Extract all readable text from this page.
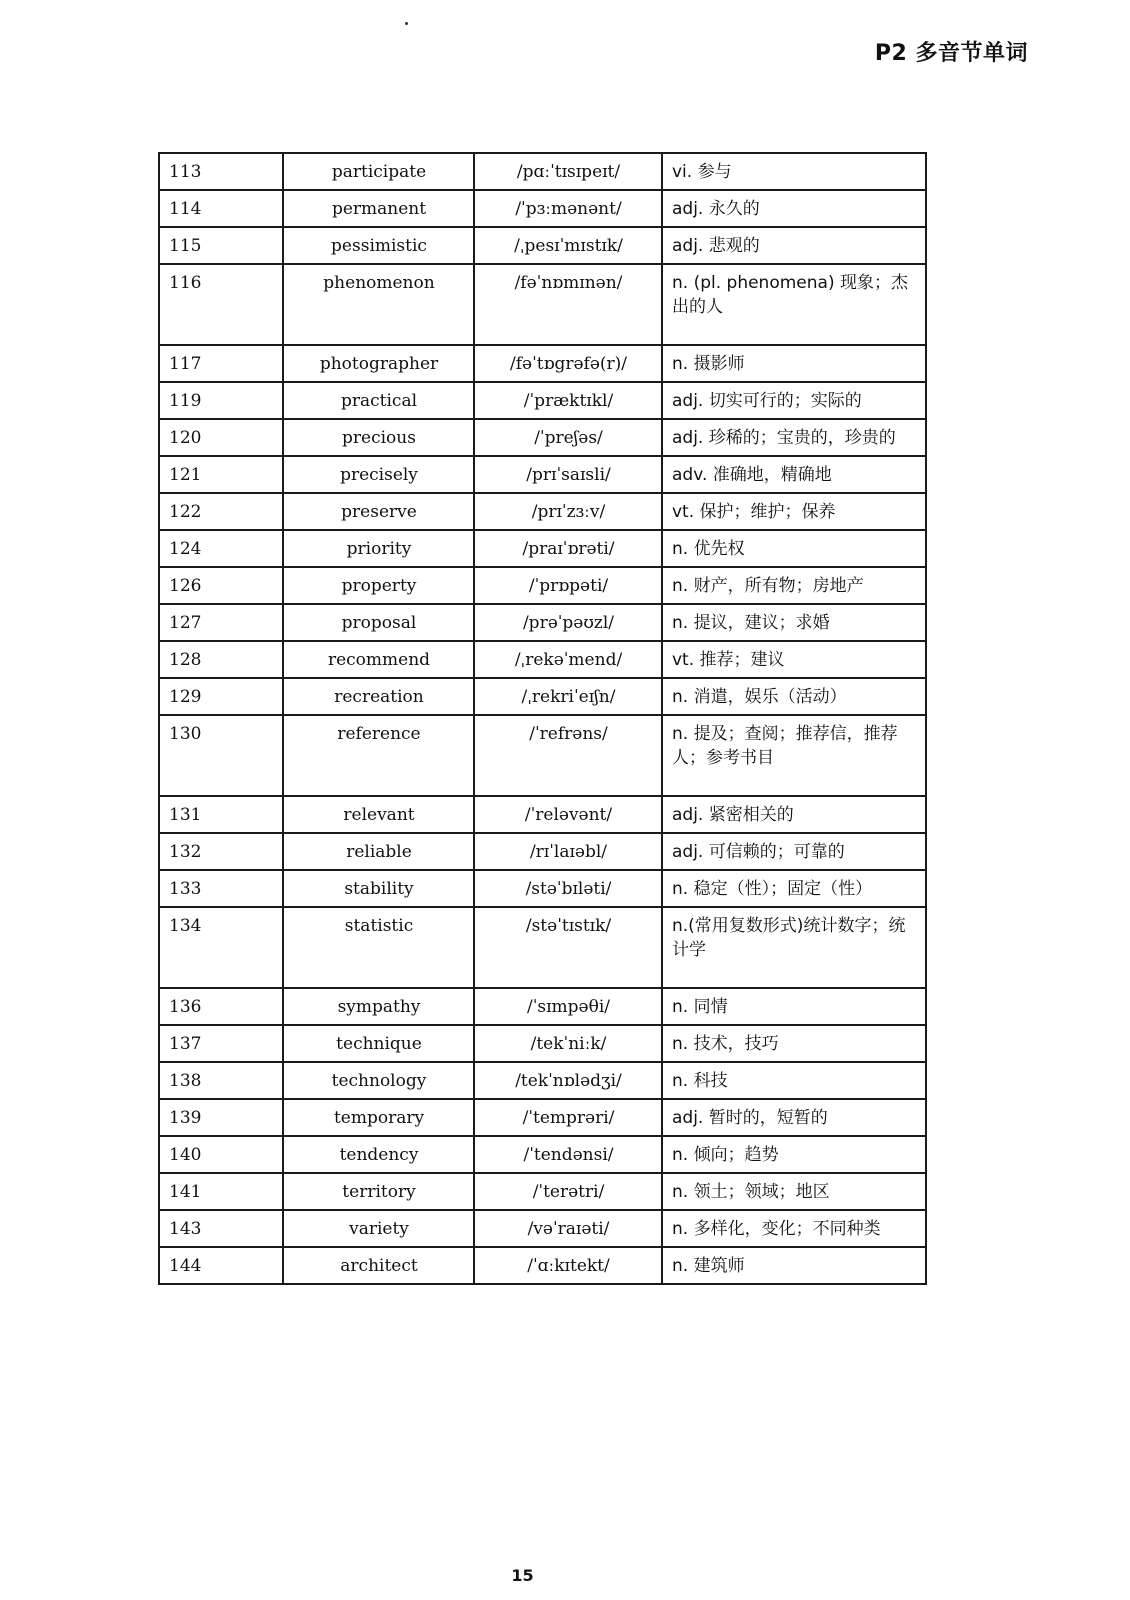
P2 多音节单词
113	participate	/pɑːˈtɪsɪpeɪt/	vi. 参与
114	permanent	/ˈpɜːmənənt/	adj. 永久的
115	pessimistic	/ˌpesɪˈmɪstɪk/	adj. 悲观的
116	phenomenon	/fəˈnɒmɪnən/	n. (pl. phenomena) 现象；杰出的人
117	photographer	/fəˈtɒgrəfə(r)/	n. 摄影师
119	practical	/ˈpræktɪkl/	adj. 切实可行的；实际的
120	precious	/ˈpreʃəs/	adj. 珍稀的；宝贵的，珍贵的
121	precisely	/prɪˈsaɪsli/	adv. 准确地，精确地
122	preserve	/prɪˈzɜːv/	vt. 保护；维护；保养
124	priority	/praɪˈɒrəti/	n. 优先权
126	property	/ˈprɒpəti/	n. 财产，所有物；房地产
127	proposal	/prəˈpəʊzl/	n. 提议，建议；求婚
128	recommend	/ˌrekəˈmend/	vt. 推荐；建议
129	recreation	/ˌrekriˈeɪʃn/	n. 消遣，娱乐（活动）
130	reference	/ˈrefrəns/	n. 提及；查阅；推荐信，推荐人；参考书目
131	relevant	/ˈreləvənt/	adj. 紧密相关的
132	reliable	/rɪˈlaɪəbl/	adj. 可信赖的；可靠的
133	stability	/stəˈbɪləti/	n. 稳定（性）；固定（性）
134	statistic	/stəˈtɪstɪk/	n.(常用复数形式)统计数字；统计学
136	sympathy	/ˈsɪmpəθi/	n. 同情
137	technique	/tekˈniːk/	n. 技术，技巧
138	technology	/tekˈnɒlədʒi/	n. 科技
139	temporary	/ˈtemprəri/	adj. 暂时的，短暂的
140	tendency	/ˈtendənsi/	n. 倾向；趋势
141	territory	/ˈterətri/	n. 领土；领域；地区
143	variety	/vəˈraɪəti/	n. 多样化，变化；不同种类
144	architect	/ˈɑːkɪtekt/	n. 建筑师
15
